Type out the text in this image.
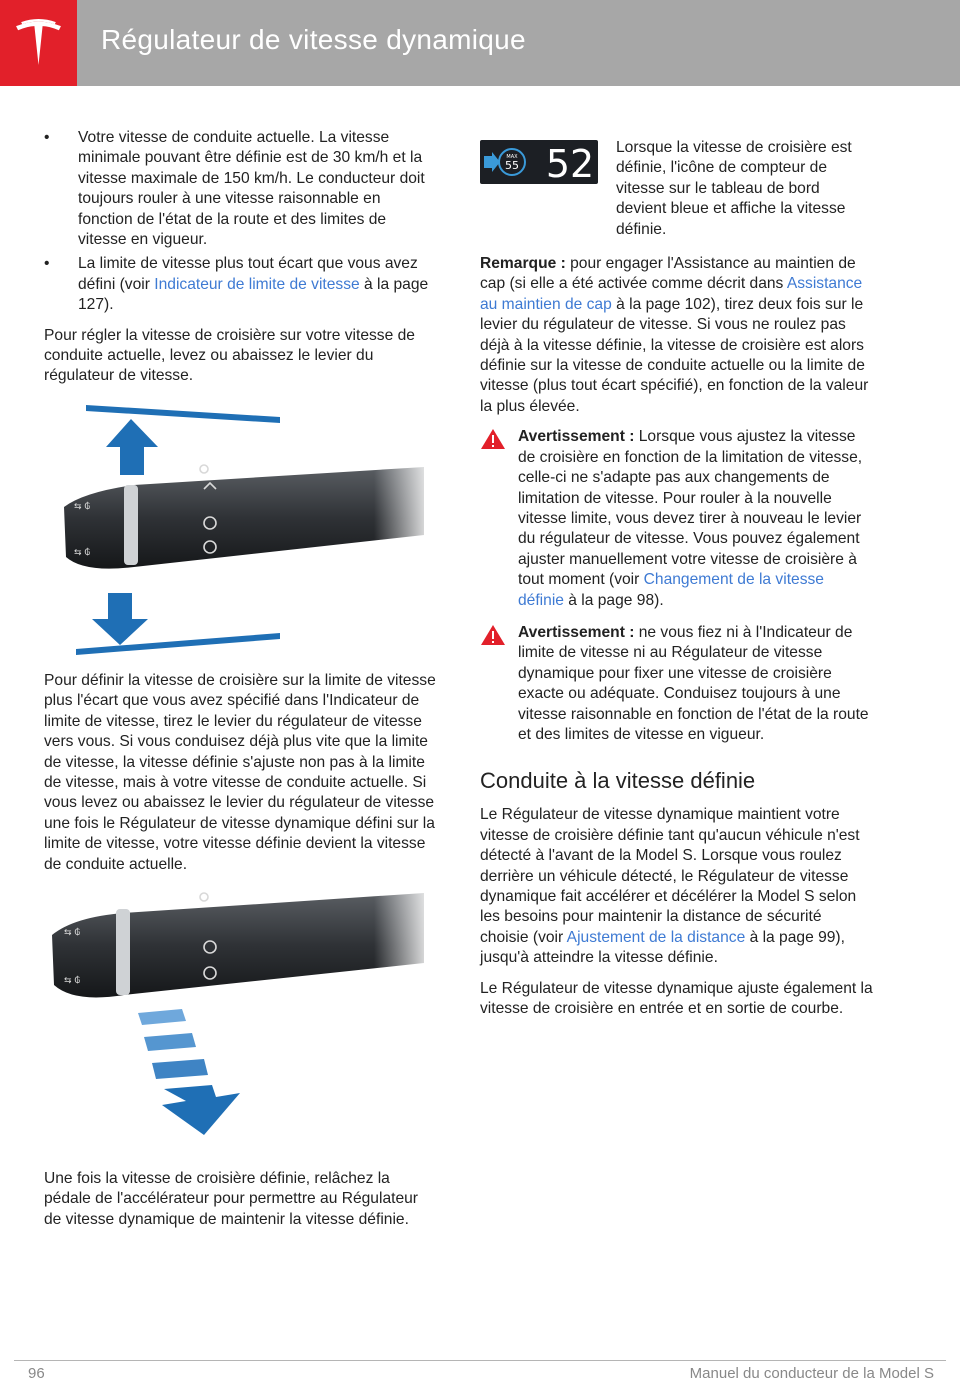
Régulateur de vitesse dynamique
• Votre vitesse de conduite actuelle. La vitesse minimale pouvant être définie est de 30 km/h et la vitesse maximale de 150 km/h. Le conducteur doit toujours rouler à une vitesse raisonnable en fonction de l'état de la route et des limites de vitesse en vigueur.
• La limite de vitesse plus tout écart que vous avez défini (voir Indicateur de limite de vitesse à la page 127).

Pour régler la vitesse de croisière sur votre vitesse de conduite actuelle, levez ou abaissez le levier du régulateur de vitesse.

⇆ ₲
⇆ ₲

Pour définir la vitesse de croisière sur la limite de vitesse plus l'écart que vous avez spécifié dans l'Indicateur de limite de vitesse, tirez le levier du régulateur de vitesse vers vous. Si vous conduisez déjà plus vite que la limite de vitesse, la vitesse définie s'ajuste non pas à la limite de vitesse, mais à votre vitesse de conduite actuelle. Si vous levez ou abaissez le levier du régulateur de vitesse une fois le Régulateur de vitesse dynamique défini sur la limite de vitesse, votre vitesse définie devient la vitesse de conduite actuelle.

⇆ ₲
⇆ ₲

Une fois la vitesse de croisière définie, relâchez la pédale de l'accélérateur pour permettre au Régulateur de vitesse dynamique de maintenir la vitesse définie.

MAX
55 52 Lorsque la vitesse de croisière est définie, l'icône de compteur de vitesse sur le tableau de bord devient bleue et affiche la vitesse définie.

Remarque : pour engager l'Assistance au maintien de cap (si elle a été activée comme décrit dans Assistance au maintien de cap à la page 102), tirez deux fois sur le levier du régulateur de vitesse. Si vous ne roulez pas déjà à la vitesse définie, la vitesse de croisière est alors définie sur la vitesse de conduite actuelle ou la limite de vitesse (plus tout écart spécifié), en fonction de la valeur la plus élevée.

Avertissement : Lorsque vous ajustez la vitesse de croisière en fonction de la limitation de vitesse, celle-ci ne s'adapte pas aux changements de limitation de vitesse. Pour rouler à la nouvelle vitesse limite, vous devez tirer à nouveau le levier du régulateur de vitesse. Vous pouvez également ajuster manuellement votre vitesse de croisière à tout moment (voir Changement de la vitesse définie à la page 98).
Avertissement : ne vous fiez ni à l'Indicateur de limite de vitesse ni au Régulateur de vitesse dynamique pour fixer une vitesse de croisière exacte ou adéquate. Conduisez toujours à une vitesse raisonnable en fonction de l'état de la route et des limites de vitesse en vigueur.
Conduite à la vitesse définie

Le Régulateur de vitesse dynamique maintient votre vitesse de croisière définie tant qu'aucun véhicule n'est détecté à l'avant de la Model S. Lorsque vous roulez derrière un véhicule détecté, le Régulateur de vitesse dynamique fait accélérer et décélérer la Model S selon les besoins pour maintenir la distance de sécurité choisie (voir Ajustement de la distance à la page 99), jusqu'à atteindre la vitesse définie.

Le Régulateur de vitesse dynamique ajuste également la vitesse de croisière en entrée et en sortie de courbe.

96	Manuel du conducteur de la Model S
